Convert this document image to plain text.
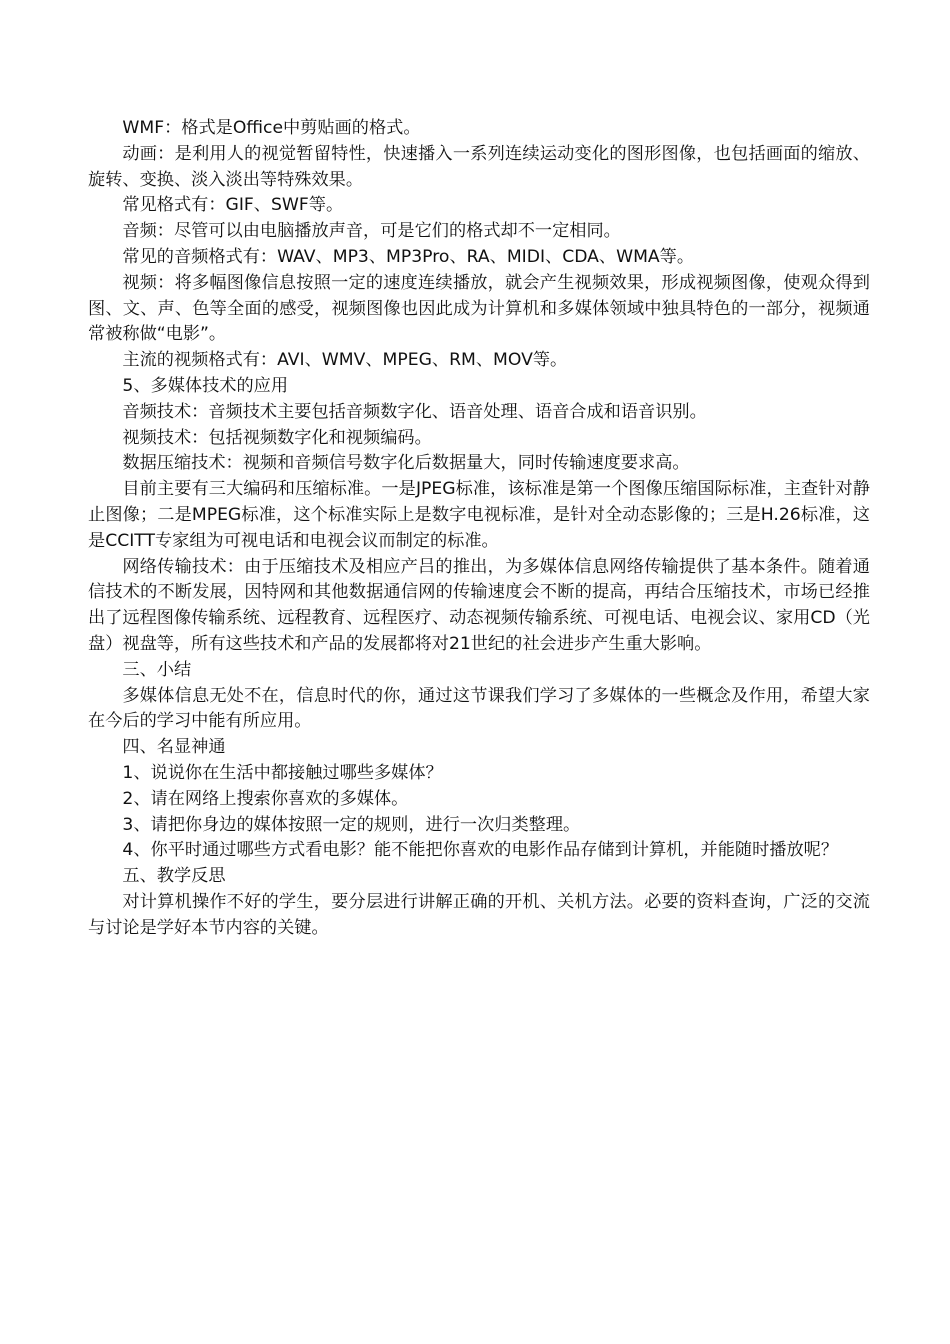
WMF：格式是Office中剪贴画的格式。

动画：是利用人的视觉暂留特性，快速播入一系列连续运动变化的图形图像，也包括画面的缩放、旋转、变换、淡入淡出等特殊效果。

常见格式有：GIF、SWF等。

音频：尽管可以由电脑播放声音，可是它们的格式却不一定相同。

常见的音频格式有：WAV、MP3、MP3Pro、RA、MIDI、CDA、WMA等。

视频：将多幅图像信息按照一定的速度连续播放，就会产生视频效果，形成视频图像，使观众得到图、文、声、色等全面的感受，视频图像也因此成为计算机和多媒体领域中独具特色的一部分，视频通常被称做“电影”。

主流的视频格式有：AVI、WMV、MPEG、RM、MOV等。

5、多媒体技术的应用

音频技术：音频技术主要包括音频数字化、语音处理、语音合成和语音识别。

视频技术：包括视频数字化和视频编码。

数据压缩技术：视频和音频信号数字化后数据量大，同时传输速度要求高。

目前主要有三大编码和压缩标准。一是JPEG标准，该标准是第一个图像压缩国际标准，主查针对静止图像；二是MPEG标准，这个标准实际上是数字电视标准，是针对全动态影像的；三是H.26标准，这是CCITT专家组为可视电话和电视会议而制定的标准。

网络传输技术：由于压缩技术及相应产吕的推出，为多媒体信息网络传输提供了基本条件。随着通信技术的不断发展，因特网和其他数据通信网的传输速度会不断的提高，再结合压缩技术，市场已经推出了远程图像传输系统、远程教育、远程医疗、动态视频传输系统、可视电话、电视会议、家用CD（光盘）视盘等，所有这些技术和产品的发展都将对21世纪的社会进步产生重大影响。

三、小结

多媒体信息无处不在，信息时代的你，通过这节课我们学习了多媒体的一些概念及作用，希望大家在今后的学习中能有所应用。

四、名显神通

1、说说你在生活中都接触过哪些多媒体？

2、请在网络上搜索你喜欢的多媒体。

3、请把你身边的媒体按照一定的规则，进行一次归类整理。

4、你平时通过哪些方式看电影？能不能把你喜欢的电影作品存储到计算机，并能随时播放呢？

五、教学反思

对计算机操作不好的学生，要分层进行讲解正确的开机、关机方法。必要的资料查询，广泛的交流与讨论是学好本节内容的关键。
